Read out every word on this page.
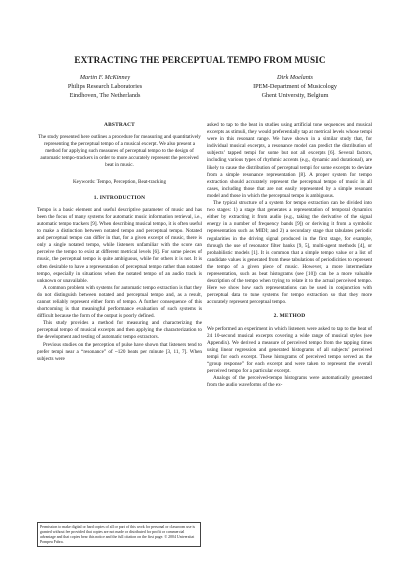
EXTRACTING THE PERCEPTUAL TEMPO FROM MUSIC
Martin F. McKinney
Philips Research Laboratories
Eindhoven, The Netherlands
Dirk Moelants
IPEM-Department of Musicology
Ghent University, Belgium
ABSTRACT
The study presented here outlines a procedure for measuring and quantitatively representing the perceptual tempo of a musical excerpt. We also present a method for applying such measures of perceptual tempo to the design of automatic tempo-trackers in order to more accurately represent the perceived beat in music.
Keywords: Tempo, Perception, Beat-tracking
1. INTRODUCTION

Tempo is a basic element and useful descriptive parameter of music and has been the focus of many systems for automatic music information retrieval, i.e., automatic tempo trackers [9]. When describing musical tempo, it is often useful to make a distinction between notated tempo and perceptual tempo. Notated and perceptual tempo can differ in that, for a given excerpt of music, there is only a single notated tempo, while listeners unfamiliar with the score can perceive the tempo to exist at different metrical levels [6]. For some pieces of music, the perceptual tempo is quite ambiguous, while for others it is not. It is often desirable to have a representation of perceptual tempo rather than notated tempo, especially in situations when the notated tempo of an audio track is unknown or unavailable.

A common problem with systems for automatic tempo extraction is that they do not distinguish between notated and perceptual tempo and, as a result, cannot reliably represent either form of tempo. A further consequence of this shortcoming is that meaningful performance evaluation of such systems is difficult because the form of the output is poorly defined.

This study provides a method for measuring and characterizing the perceptual tempo of musical excerpts and then applying the characterization to the development and testing of automatic tempo extractors.

Previous studies on the perception of pulse have shown that listeners tend to prefer tempi near a “resonance” of ~120 beats per minute [3, 11, 7]. When subjects were

asked to tap to the beat in studies using artificial tone sequences and musical excerpts as stimuli, they would preferentially tap at metrical levels whose tempi were in this resonant range. We have shown in a similar study that, for individual musical excerpts, a resonance model can predict the distribution of subjects’ tapped tempi for some but not all excerpts [6]. Several factors, including various types of rhythmic accents (e.g., dynamic and durational), are likely to cause the distribution of perceptual tempi for some excerpts to deviate from a simple resonance representation [8]. A proper system for tempo extraction should accurately represent the perceptual tempo of music in all cases, including those that are not easily represented by a simple resonant model and those in which the perceptual tempo is ambiguous.

The typical structure of a system for tempo extraction can be divided into two stages: 1) a stage that generates a representation of temporal dynamics either by extracting it from audio (e.g., taking the derivative of the signal energy in a number of frequency bands [9]) or deriving it from a symbolic representation such as MIDI; and 2) a secondary stage that tabulates periodic regularities in the driving signal produced in the first stage, for example, through the use of resonator filter banks [9, 5], multi-agent methods [4], or probabilistic models [1]. It is common that a simple tempo value or a list of candidate values is generated from these tabulations of periodicities to represent the tempo of a given piece of music. However, a more intermediate representation, such as beat histograms (see [10]) can be a more valuable description of the tempo when trying to relate it to the actual perceived tempo. Here we show how such representations can be used in conjunction with perceptual data to tune systems for tempo extraction so that they more accurately represent perceptual tempo.

2. METHOD

We performed an experiment in which listeners were asked to tap to the beat of 24 10-second musical excerpts covering a wide range of musical styles (see Appendix). We derived a measure of perceived tempo from the tapping times using linear regression and generated histograms of all subjects’ perceived tempi for each excerpt. These histograms of perceived tempo served as the “group response” for each excerpt and were taken to represent the overall perceived tempo for a particular excerpt.

Analogs of the perceived-tempo histograms were automatically generated from the audio waveforms of the ex-

Permission to make digital or hard copies of all or part of this work for personal or classroom use is granted without fee provided that copies are not made or distributed for profit or commercial advantage and that copies bear this notice and the full citation on the first page. © 2004 Universitat Pompeu Fabra.
